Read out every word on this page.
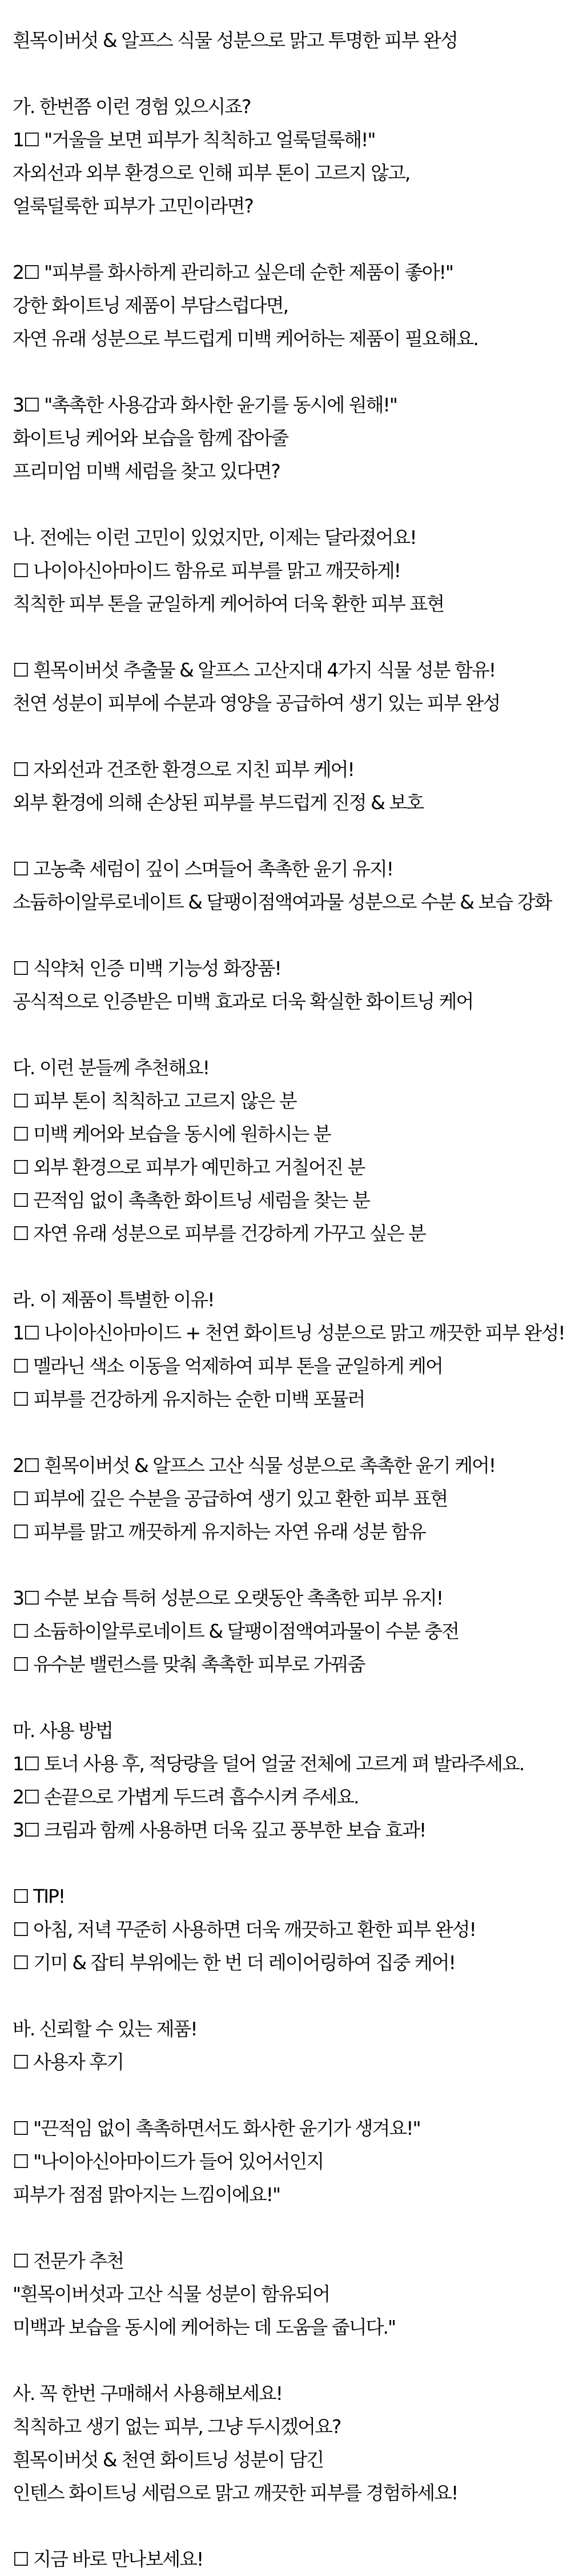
흰목이버섯 & 알프스 식물 성분으로 맑고 투명한 피부 완성
가. 한번쯤 이런 경험 있으시죠?
1☐ "거울을 보면 피부가 칙칙하고 얼룩덜룩해!"
자외선과 외부 환경으로 인해 피부 톤이 고르지 않고,
얼룩덜룩한 피부가 고민이라면?
2☐ "피부를 화사하게 관리하고 싶은데 순한 제품이 좋아!"
강한 화이트닝 제품이 부담스럽다면,
자연 유래 성분으로 부드럽게 미백 케어하는 제품이 필요해요.
3☐ "촉촉한 사용감과 화사한 윤기를 동시에 원해!"
화이트닝 케어와 보습을 함께 잡아줄
프리미엄 미백 세럼을 찾고 있다면?
나. 전에는 이런 고민이 있었지만, 이제는 달라졌어요!
☐ 나이아신아마이드 함유로 피부를 맑고 깨끗하게!
칙칙한 피부 톤을 균일하게 케어하여 더욱 환한 피부 표현
☐ 흰목이버섯 추출물 & 알프스 고산지대 4가지 식물 성분 함유!
천연 성분이 피부에 수분과 영양을 공급하여 생기 있는 피부 완성
☐ 자외선과 건조한 환경으로 지친 피부 케어!
외부 환경에 의해 손상된 피부를 부드럽게 진정 & 보호
☐ 고농축 세럼이 깊이 스며들어 촉촉한 윤기 유지!
소듐하이알루로네이트 & 달팽이점액여과물 성분으로 수분 & 보습 강화
☐ 식약처 인증 미백 기능성 화장품!
공식적으로 인증받은 미백 효과로 더욱 확실한 화이트닝 케어
다. 이런 분들께 추천해요!
☐ 피부 톤이 칙칙하고 고르지 않은 분
☐ 미백 케어와 보습을 동시에 원하시는 분
☐ 외부 환경으로 피부가 예민하고 거칠어진 분
☐ 끈적임 없이 촉촉한 화이트닝 세럼을 찾는 분
☐ 자연 유래 성분으로 피부를 건강하게 가꾸고 싶은 분
라. 이 제품이 특별한 이유!
1☐ 나이아신아마이드 + 천연 화이트닝 성분으로 맑고 깨끗한 피부 완성!
☐ 멜라닌 색소 이동을 억제하여 피부 톤을 균일하게 케어
☐ 피부를 건강하게 유지하는 순한 미백 포뮬러
2☐ 흰목이버섯 & 알프스 고산 식물 성분으로 촉촉한 윤기 케어!
☐ 피부에 깊은 수분을 공급하여 생기 있고 환한 피부 표현
☐ 피부를 맑고 깨끗하게 유지하는 자연 유래 성분 함유
3☐ 수분 보습 특허 성분으로 오랫동안 촉촉한 피부 유지!
☐ 소듐하이알루로네이트 & 달팽이점액여과물이 수분 충전
☐ 유수분 밸런스를 맞춰 촉촉한 피부로 가꿔줌
마. 사용 방법
1☐ 토너 사용 후, 적당량을 덜어 얼굴 전체에 고르게 펴 발라주세요.
2☐ 손끝으로 가볍게 두드려 흡수시켜 주세요.
3☐ 크림과 함께 사용하면 더욱 깊고 풍부한 보습 효과!
☐ TIP!
☐ 아침, 저녁 꾸준히 사용하면 더욱 깨끗하고 환한 피부 완성!
☐ 기미 & 잡티 부위에는 한 번 더 레이어링하여 집중 케어!
바. 신뢰할 수 있는 제품!
☐ 사용자 후기
☐ "끈적임 없이 촉촉하면서도 화사한 윤기가 생겨요!"
☐ "나이아신아마이드가 들어 있어서인지
피부가 점점 맑아지는 느낌이에요!"
☐ 전문가 추천
"흰목이버섯과 고산 식물 성분이 함유되어
미백과 보습을 동시에 케어하는 데 도움을 줍니다."
사. 꼭 한번 구매해서 사용해보세요!
칙칙하고 생기 없는 피부, 그냥 두시겠어요?
흰목이버섯 & 천연 화이트닝 성분이 담긴
인텐스 화이트닝 세럼으로 맑고 깨끗한 피부를 경험하세요!
☐ 지금 바로 만나보세요!
